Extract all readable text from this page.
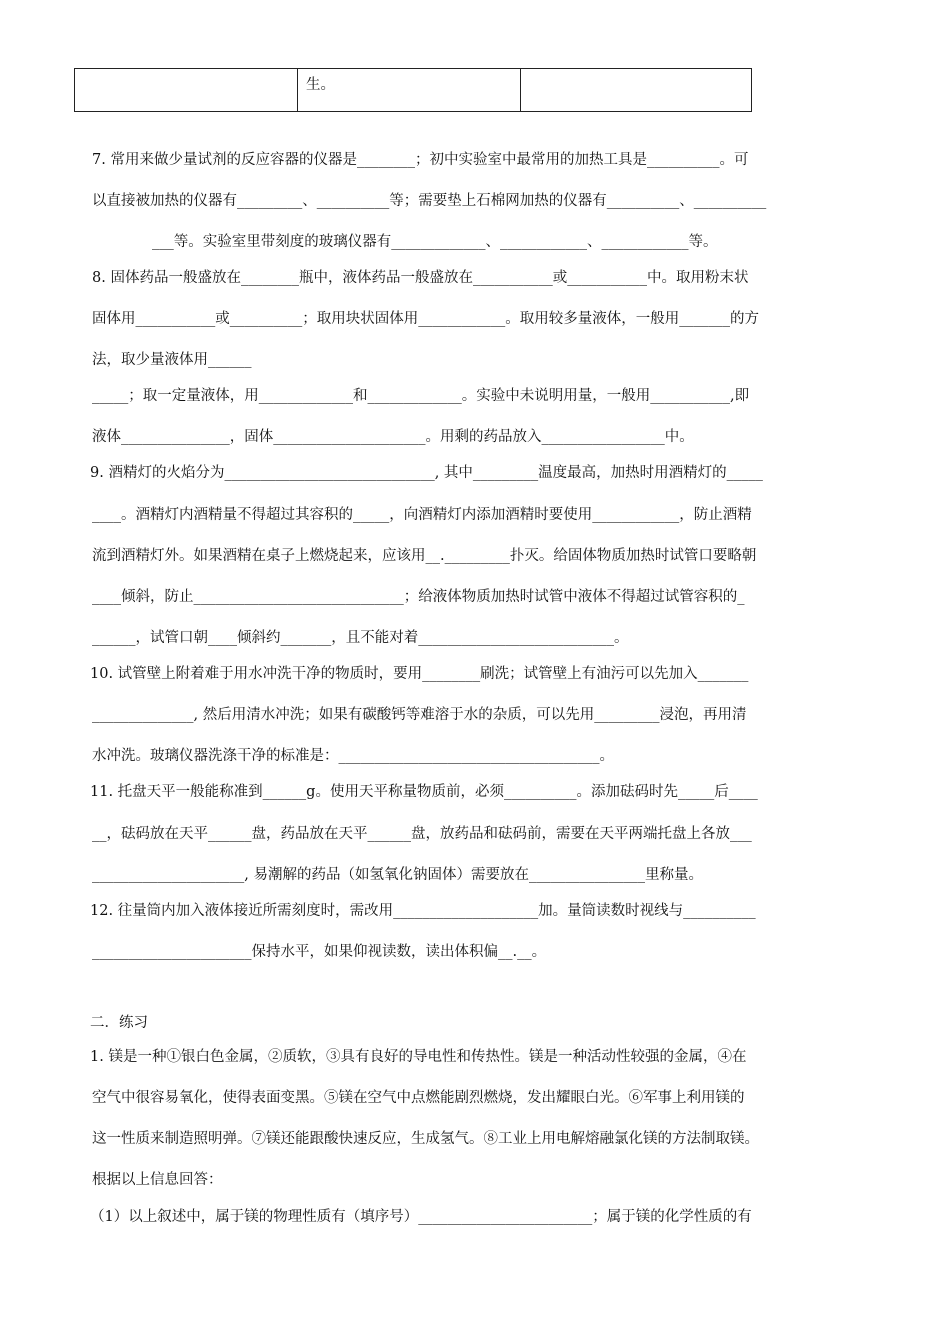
生。

7. 常用来做少量试剂的反应容器的仪器是________；初中实验室中最常用的加热工具是__________。可
以直接被加热的仪器有_________、__________等；需要垫上石棉网加热的仪器有__________、__________
___等。实验室里带刻度的玻璃仪器有_____________、____________、____________等。
8. 固体药品一般盛放在________瓶中，液体药品一般盛放在___________或___________中。取用粉末状
固体用___________或__________；取用块状固体用____________。取用较多量液体，一般用_______的方
法，取少量液体用______
_____；取一定量液体，用_____________和_____________。实验中未说明用量，一般用___________,即
液体_______________，固体_____________________。用剩的药品放入_________________中。
9. 酒精灯的火焰分为_____________________________, 其中_________温度最高，加热时用酒精灯的_____
____。酒精灯内酒精量不得超过其容积的_____，向酒精灯内添加酒精时要使用____________，防止酒精
流到酒精灯外。如果酒精在桌子上燃烧起来，应该用__._________扑灭。给固体物质加热时试管口要略朝
____倾斜，防止_____________________________；给液体物质加热时试管中液体不得超过试管容积的_
______，试管口朝____倾斜约_______，且不能对着___________________________。
10. 试管壁上附着难于用水冲洗干净的物质时，要用________刷洗；试管壁上有油污可以先加入_______
______________, 然后用清水冲洗；如果有碳酸钙等难溶于水的杂质，可以先用_________浸泡，再用清
水冲洗。玻璃仪器洗涤干净的标准是：____________________________________。
11. 托盘天平一般能称准到______g。使用天平称量物质前，必须__________。添加砝码时先_____后____
__，砝码放在天平______盘，药品放在天平______盘，放药品和砝码前，需要在天平两端托盘上各放___
_____________________, 易潮解的药品（如氢氧化钠固体）需要放在________________里称量。
12. 往量筒内加入液体接近所需刻度时，需改用____________________加。量筒读数时视线与__________
______________________保持水平，如果仰视读数，读出体积偏__.__。
二．练习
1. 镁是一种①银白色金属，②质软，③具有良好的导电性和传热性。镁是一种活动性较强的金属，④在
空气中很容易氧化，使得表面变黑。⑤镁在空气中点燃能剧烈燃烧，发出耀眼白光。⑥军事上利用镁的
这一性质来制造照明弹。⑦镁还能跟酸快速反应，生成氢气。⑧工业上用电解熔融氯化镁的方法制取镁。
根据以上信息回答：
（1）以上叙述中，属于镁的物理性质有（填序号）________________________；属于镁的化学性质的有
